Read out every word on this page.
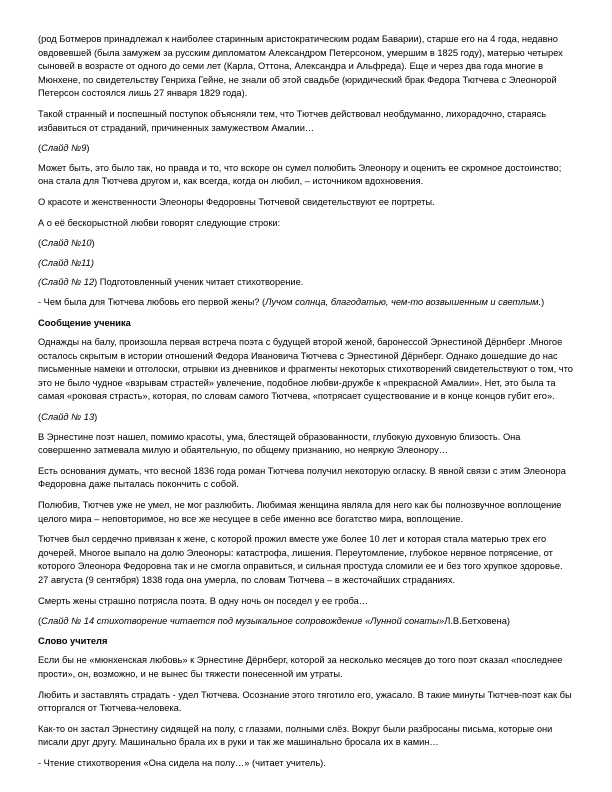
(род Ботмеров принадлежал к наиболее старинным аристократическим родам Баварии), старше его на 4 года, недавно овдовевшей (была замужем за русским дипломатом Александром Петерсоном, умершим в 1825 году), матерью четырех сыновей в возрасте от одного до семи лет (Карла, Оттона, Александра и Альфреда). Еще и через два года многие в Мюнхене, по свидетельству Генриха Гейне, не знали об этой свадьбе (юридический брак Федора Тютчева с Элеонорой Петерсон состоялся лишь 27 января 1829 года).

Такой странный и поспешный поступок объясняли тем, что Тютчев действовал необдуманно, лихорадочно, стараясь избавиться от страданий, причиненных замужеством Амалии…

(Слайд №9)

Может быть, это было так, но правда и то, что вскоре он сумел полюбить Элеонору и оценить ее скромное достоинство; она стала для Тютчева другом и, как всегда, когда он любил, – источником вдохновения.

О красоте и женственности Элеоноры Федоровны Тютчевой свидетельствуют ее портреты.

А о её бескорыстной любви говорят следующие строки:

(Слайд №10)

(Слайд №11)

(Слайд № 12) Подготовленный ученик читает стихотворение.

- Чем была для Тютчева любовь его первой жены? (Лучом солнца, благодатью, чем-то возвышенным и светлым.)

Сообщение ученика

Однажды на балу, произошла первая встреча поэта с будущей второй женой, баронессой Эрнестиной Дёрнберг .Многое осталось скрытым в истории отношений Федора Ивановича Тютчева с Эрнестиной Дёрнберг. Однако дошедшие до нас письменные намеки и отголоски, отрывки из дневников и фрагменты некоторых стихотворений свидетельствуют о том, что это не было чудное «взрывам страстей» увлечение, подобное любви-дружбе к «прекрасной Амалии». Нет, это была та самая «роковая страсть», которая, по словам самого Тютчева, «потрясает существование и в конце концов губит его».

(Слайд № 13)

В Эрнестине поэт нашел, помимо красоты, ума, блестящей образованности, глубокую духовную близость. Она совершенно затмевала милую и обаятельную, по общему признанию, но неяркую Элеонору…

Есть основания думать, что весной 1836 года роман Тютчева получил некоторую огласку. В явной связи с этим Элеонора Федоровна даже пыталась покончить с собой.

Полюбив, Тютчев уже не умел, не мог разлюбить. Любимая женщина являла для него как бы полнозвучное воплощение целого мира – неповторимое, но все же несущее в себе именно все богатство мира, воплощение.

Тютчев был сердечно привязан к жене, с которой прожил вместе уже более 10 лет и которая стала матерью трех его дочерей. Многое выпало на долю Элеоноры: катастрофа, лишения. Переутомление, глубокое нервное потрясение, от которого Элеонора Федоровна так и не смогла оправиться, и сильная простуда сломили ее и без того хрупкое здоровье. 27 августа (9 сентября) 1838 года она умерла, по словам Тютчева – в жесточайших страданиях.

Смерть жены страшно потрясла поэта. В одну ночь он поседел у ее гроба…

(Слайд № 14 стихотворение читается под музыкальное сопровождение «Лунной сонаты»Л.В.Бетховена)

Слово учителя

Если бы не «мюнхенская любовь» к Эрнестине Дёрнберг, которой за несколько месяцев до того поэт сказал «последнее прости», он, возможно, и не вынес бы тяжести понесенной им утраты.

Любить и заставлять страдать - удел Тютчева. Осознание этого тяготило его, ужасало. В такие минуты Тютчев-поэт как бы отторгался от Тютчева-человека.

Как-то он застал Эрнестину сидящей на полу, с глазами, полными слёз. Вокруг были разбросаны письма, которые они писали друг другу. Машинально брала их в руки и так же машинально бросала их в камин…

- Чтение стихотворения «Она сидела на полу…» (читает учитель).
